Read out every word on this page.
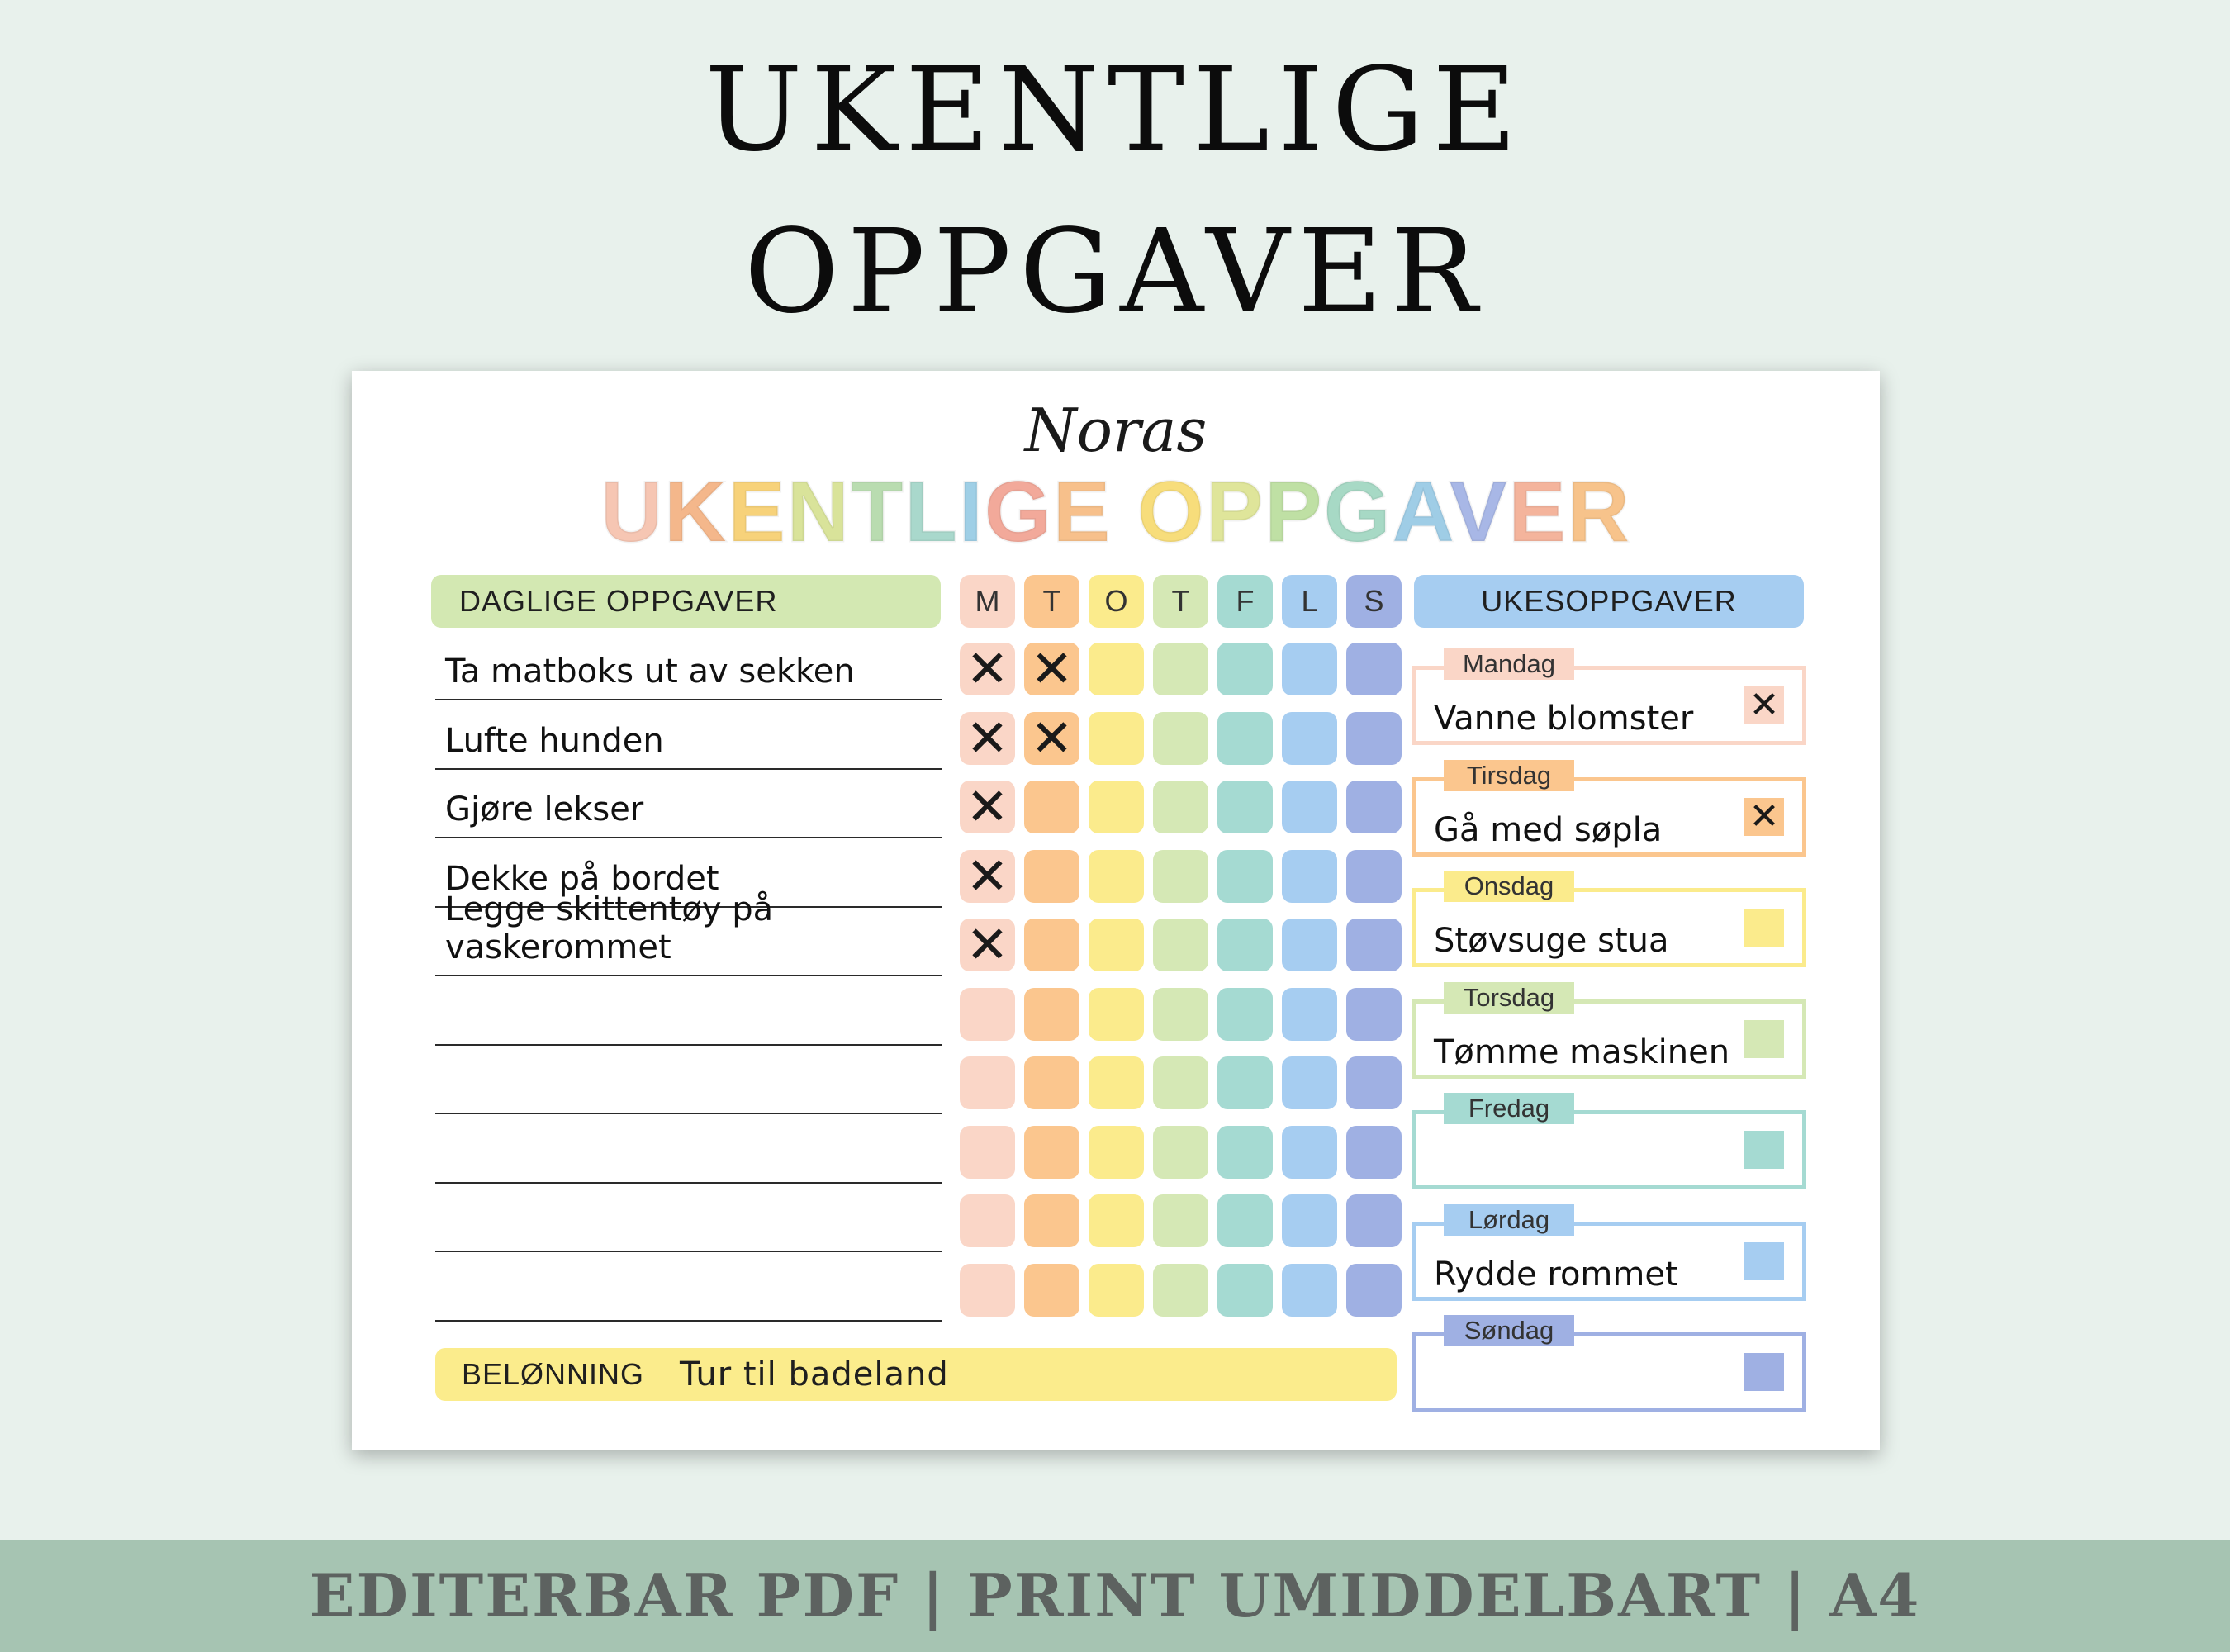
UKENTLIGE
OPPGAVER
Noras
UKENTLIGE OPPGAVER
DAGLIGE OPPGAVER	M	T	O	T	F	L	S
Ta matboks ut av sekken ✕ ✕
Lufte hunden	✕ ✕
Gjøre lekser	✕
Dekke på bordet	✕
Legge skittentøy på vaskerommet	✕
UKESOPPGAVER
Mandag
Vanne blomster ✕
Tirsdag
Gå med søpla ✕
Onsdag
Støvsuge stua
Torsdag
Tømme maskinen
Fredag
Lørdag
Rydde rommet
Søndag
BELØNNING Tur til badeland
EDITERBAR PDF | PRINT UMIDDELBART | A4
